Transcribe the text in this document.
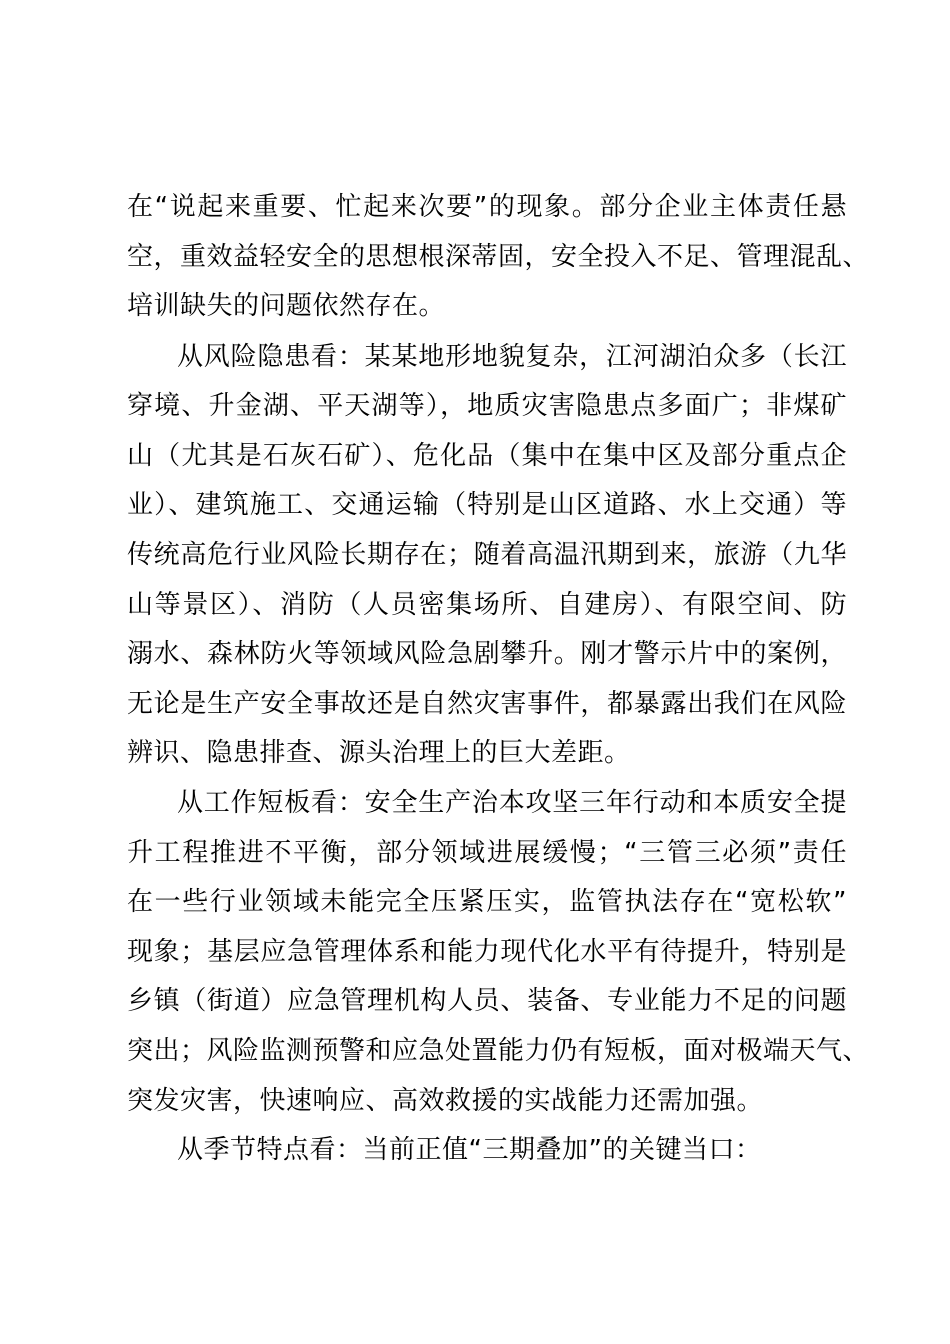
在“说起来重要、忙起来次要”的现象。部分企业主体责任悬
空，重效益轻安全的思想根深蒂固，安全投入不足、管理混乱、
培训缺失的问题依然存在。
从风险隐患看：某某地形地貌复杂，江河湖泊众多（长江
穿境、升金湖、平天湖等），地质灾害隐患点多面广；非煤矿
山（尤其是石灰石矿）、危化品（集中在集中区及部分重点企
业）、建筑施工、交通运输（特别是山区道路、水上交通）等
传统高危行业风险长期存在；随着高温汛期到来，旅游（九华
山等景区）、消防（人员密集场所、自建房）、有限空间、防
溺水、森林防火等领域风险急剧攀升。刚才警示片中的案例，
无论是生产安全事故还是自然灾害事件，都暴露出我们在风险
辨识、隐患排查、源头治理上的巨大差距。
从工作短板看：安全生产治本攻坚三年行动和本质安全提
升工程推进不平衡，部分领域进展缓慢；“三管三必须”责任
在一些行业领域未能完全压紧压实，监管执法存在“宽松软”
现象；基层应急管理体系和能力现代化水平有待提升，特别是
乡镇（街道）应急管理机构人员、装备、专业能力不足的问题
突出；风险监测预警和应急处置能力仍有短板，面对极端天气、
突发灾害，快速响应、高效救援的实战能力还需加强。
从季节特点看：当前正值“三期叠加”的关键当口：
